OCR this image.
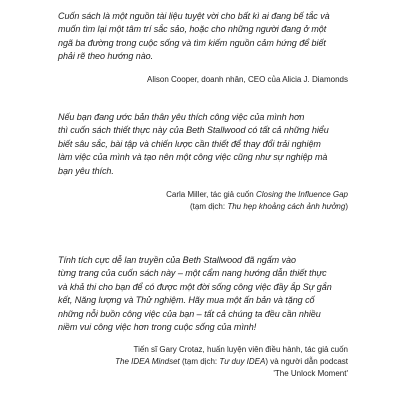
Cuốn sách là một nguồn tài liệu tuyệt vời cho bất kì ai đang bế tắc và
muốn tìm lại một tâm trí sắc sảo, hoặc cho những người đang ở một
ngã ba đường trong cuộc sống và tìm kiếm nguồn cảm hứng để biết
phải rẽ theo hướng nào.

Alison Cooper, doanh nhân, CEO của Alicia J. Diamonds

Nếu bạn đang ước bản thân yêu thích công việc của mình hơn
thì cuốn sách thiết thực này của Beth Stallwood có tất cả những hiểu
biết sâu sắc, bài tập và chiến lược cần thiết để thay đổi trải nghiệm
làm việc của mình và tạo nên một công việc cũng như sự nghiệp mà
bạn yêu thích.

Carla Miller, tác giả cuốn Closing the Influence Gap
(tạm dịch: Thu hẹp khoảng cách ảnh hưởng)

Tính tích cực dễ lan truyền của Beth Stallwood đã ngấm vào
từng trang của cuốn sách này – một cẩm nang hướng dẫn thiết thực
và khả thi cho bạn để có được một đời sống công việc đầy ắp Sự gắn
kết, Năng lượng và Thử nghiệm. Hãy mua một ấn bản và tặng cố
những nỗi buồn công việc của bạn – tất cả chúng ta đều cần nhiều
niềm vui công việc hơn trong cuộc sống của mình!

Tiến sĩ Gary Crotaz, huấn luyện viên điều hành, tác giả cuốn
The IDEA Mindset (tạm dịch: Tư duy IDEA) và người dẫn podcast
'The Unlock Moment'
